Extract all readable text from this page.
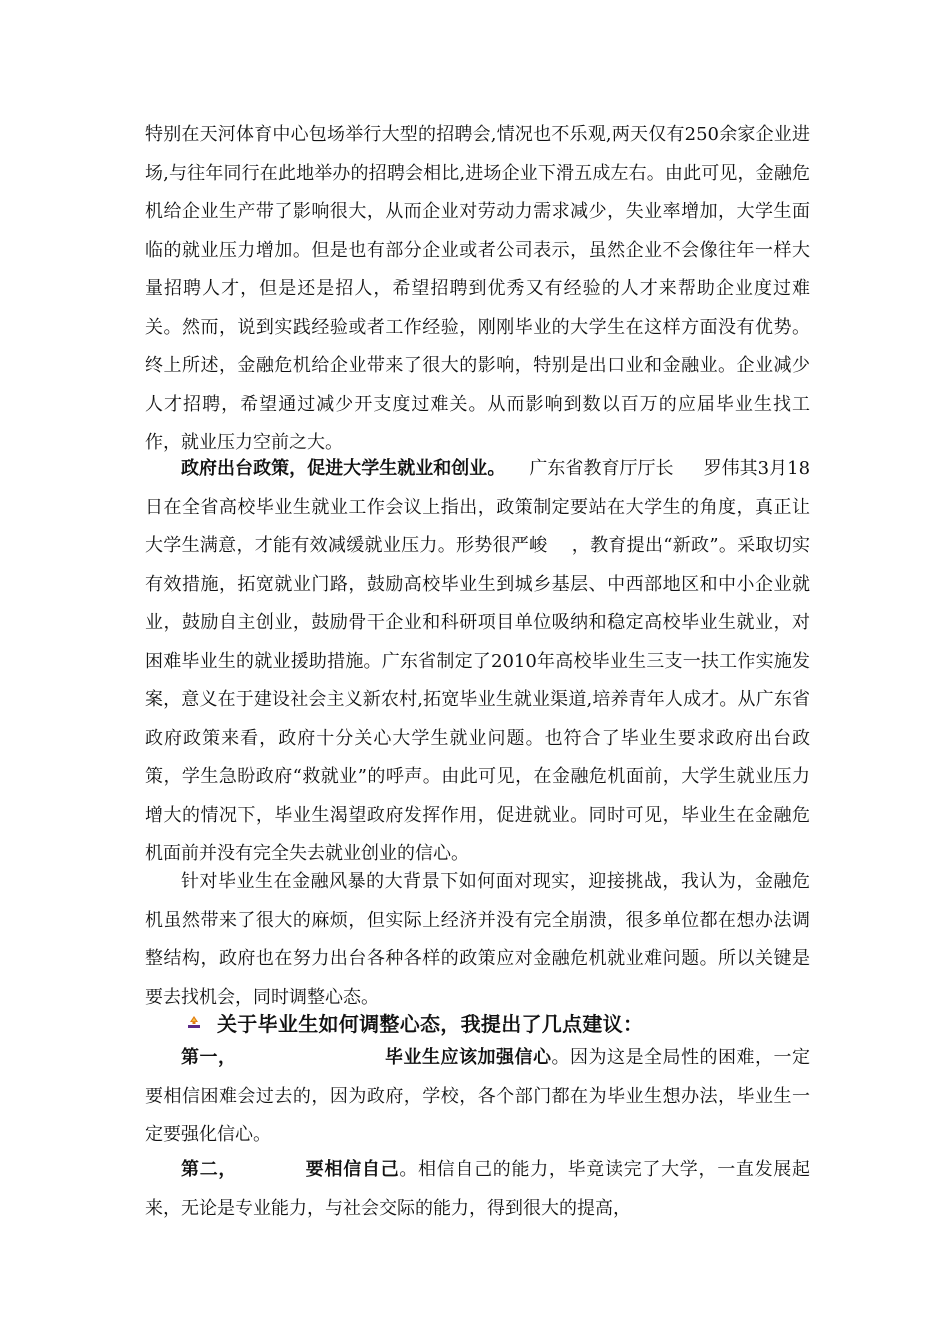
特别在天河体育中心包场举行大型的招聘会,情况也不乐观,两天仅有250余家企业进场,与往年同行在此地举办的招聘会相比,进场企业下滑五成左右。由此可见，金融危机给企业生产带了影响很大，从而企业对劳动力需求减少，失业率增加，大学生面临的就业压力增加。但是也有部分企业或者公司表示，虽然企业不会像往年一样大量招聘人才，但是还是招人，希望招聘到优秀又有经验的人才来帮助企业度过难关。然而，说到实践经验或者工作经验，刚刚毕业的大学生在这样方面没有优势。终上所述，金融危机给企业带来了很大的影响，特别是出口业和金融业。企业减少人才招聘，希望通过减少开支度过难关。从而影响到数以百万的应届毕业生找工作，就业压力空前之大。
政府出台政策，促进大学生就业和创业。 广东省教育厅厅长 罗伟其3月18日在全省高校毕业生就业工作会议上指出，政策制定要站在大学生的角度，真正让大学生满意，才能有效减缓就业压力。形势很严峻 ，教育提出“新政”。采取切实有效措施，拓宽就业门路，鼓励高校毕业生到城乡基层、中西部地区和中小企业就业，鼓励自主创业，鼓励骨干企业和科研项目单位吸纳和稳定高校毕业生就业，对困难毕业生的就业援助措施。广东省制定了2010年高校毕业生三支一扶工作实施发案，意义在于建设社会主义新农村,拓宽毕业生就业渠道,培养青年人成才。从广东省政府政策来看，政府十分关心大学生就业问题。也符合了毕业生要求政府出台政策，学生急盼政府“救就业”的呼声。由此可见，在金融危机面前，大学生就业压力增大的情况下，毕业生渴望政府发挥作用，促进就业。同时可见，毕业生在金融危机面前并没有完全失去就业创业的信心。
针对毕业生在金融风暴的大背景下如何面对现实，迎接挑战，我认为，金融危机虽然带来了很大的麻烦，但实际上经济并没有完全崩溃，很多单位都在想办法调整结构，政府也在努力出台各种各样的政策应对金融危机就业难问题。所以关键是要去找机会，同时调整心态。
关于毕业生如何调整心态，我提出了几点建议：
第一，	毕业生应该加强信心。因为这是全局性的困难，一定要相信困难会过去的，因为政府，学校，各个部门都在为毕业生想办法，毕业生一定要强化信心。
第二，	要相信自己。相信自己的能力，毕竟读完了大学，一直发展起来，无论是专业能力，与社会交际的能力，得到很大的提高，
